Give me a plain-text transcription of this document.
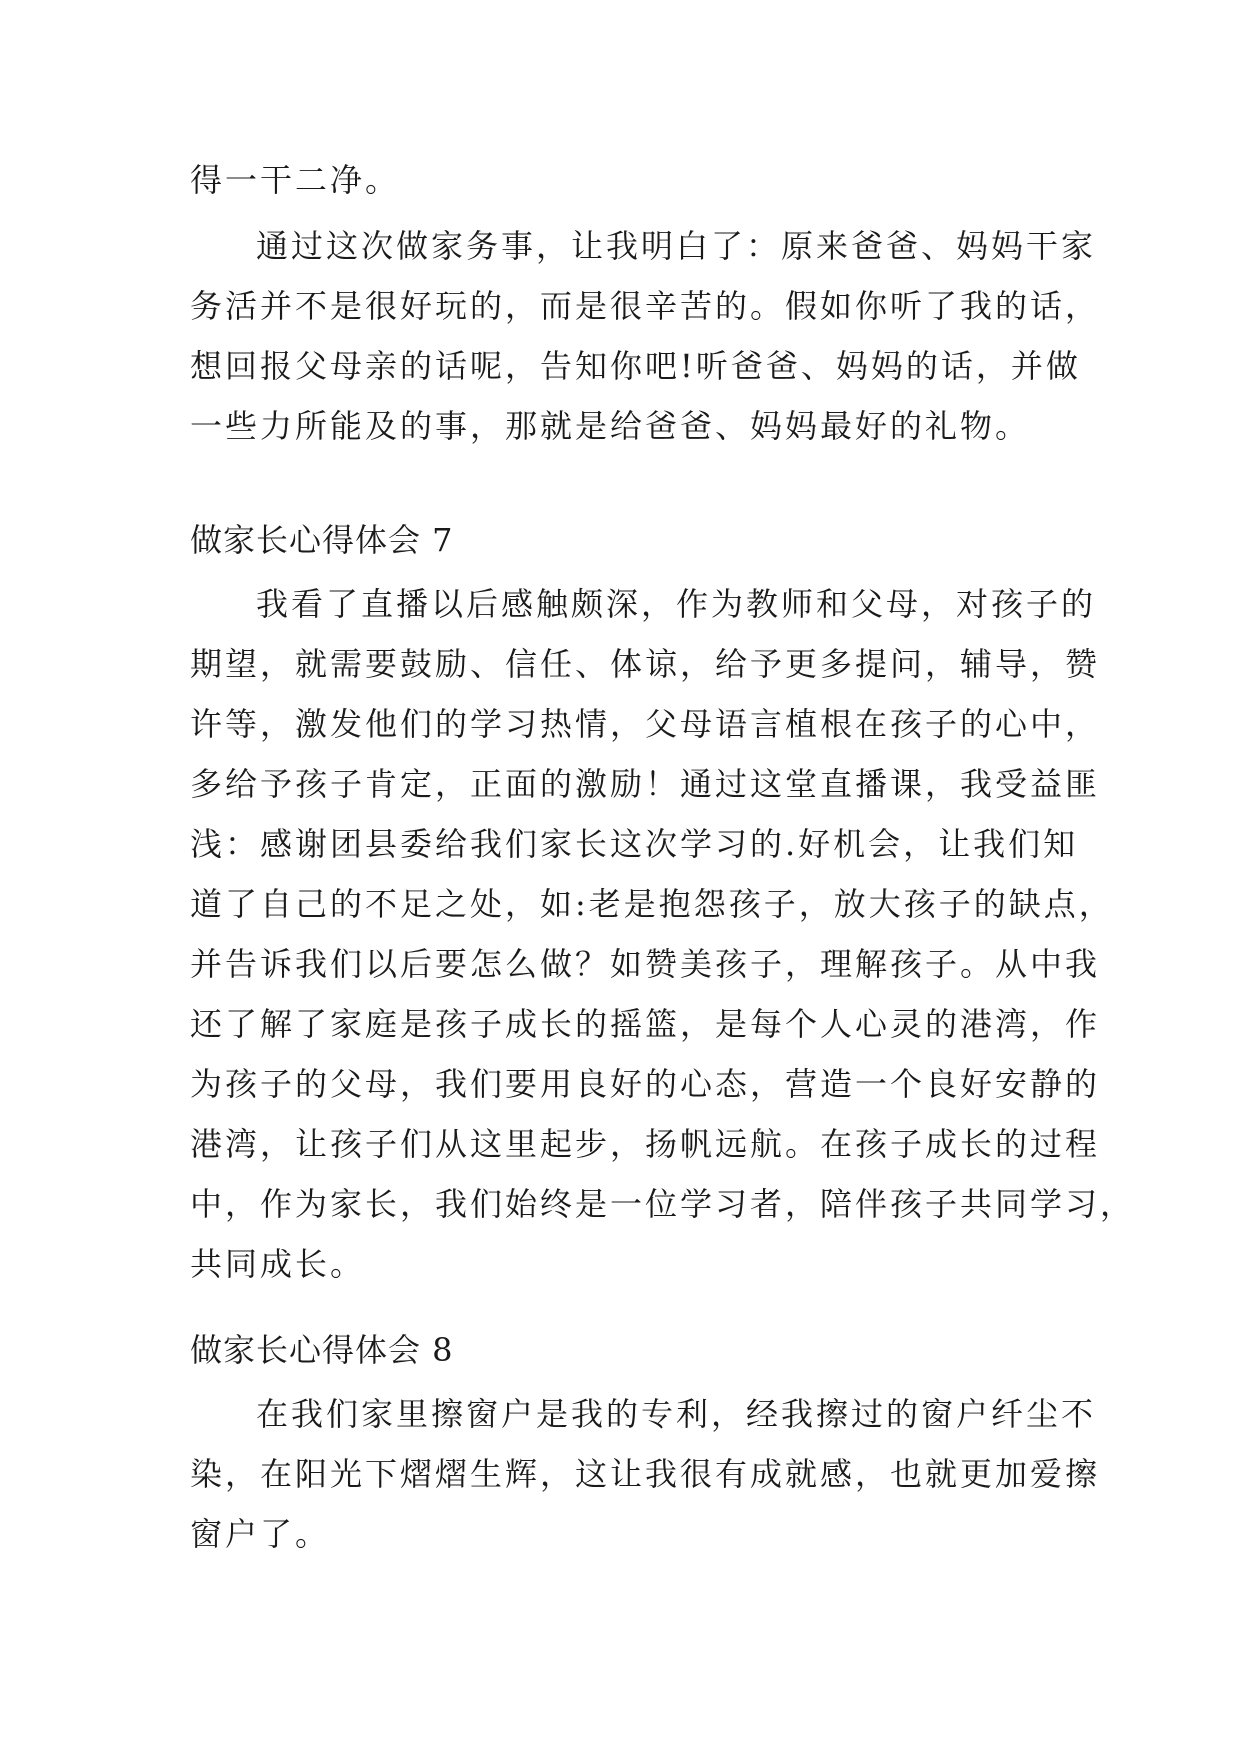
得一干二净。
通过这次做家务事，让我明白了：原来爸爸、妈妈干家
务活并不是很好玩的，而是很辛苦的。假如你听了我的话，
想回报父母亲的话呢，告知你吧!听爸爸、妈妈的话，并做
一些力所能及的事，那就是给爸爸、妈妈最好的礼物。
做家长心得体会 7
我看了直播以后感触颇深，作为教师和父母，对孩子的
期望，就需要鼓励、信任、体谅，给予更多提问，辅导，赞
许等，激发他们的学习热情，父母语言植根在孩子的心中，
多给予孩子肯定，正面的激励！通过这堂直播课，我受益匪
浅：感谢团县委给我们家长这次学习的.好机会，让我们知
道了自己的不足之处，如:老是抱怨孩子，放大孩子的缺点，
并告诉我们以后要怎么做？如赞美孩子，理解孩子。从中我
还了解了家庭是孩子成长的摇篮，是每个人心灵的港湾，作
为孩子的父母，我们要用良好的心态，营造一个良好安静的
港湾，让孩子们从这里起步，扬帆远航。在孩子成长的过程
中，作为家长，我们始终是一位学习者，陪伴孩子共同学习，
共同成长。
做家长心得体会 8
在我们家里擦窗户是我的专利，经我擦过的窗户纤尘不
染，在阳光下熠熠生辉，这让我很有成就感，也就更加爱擦
窗户了。
